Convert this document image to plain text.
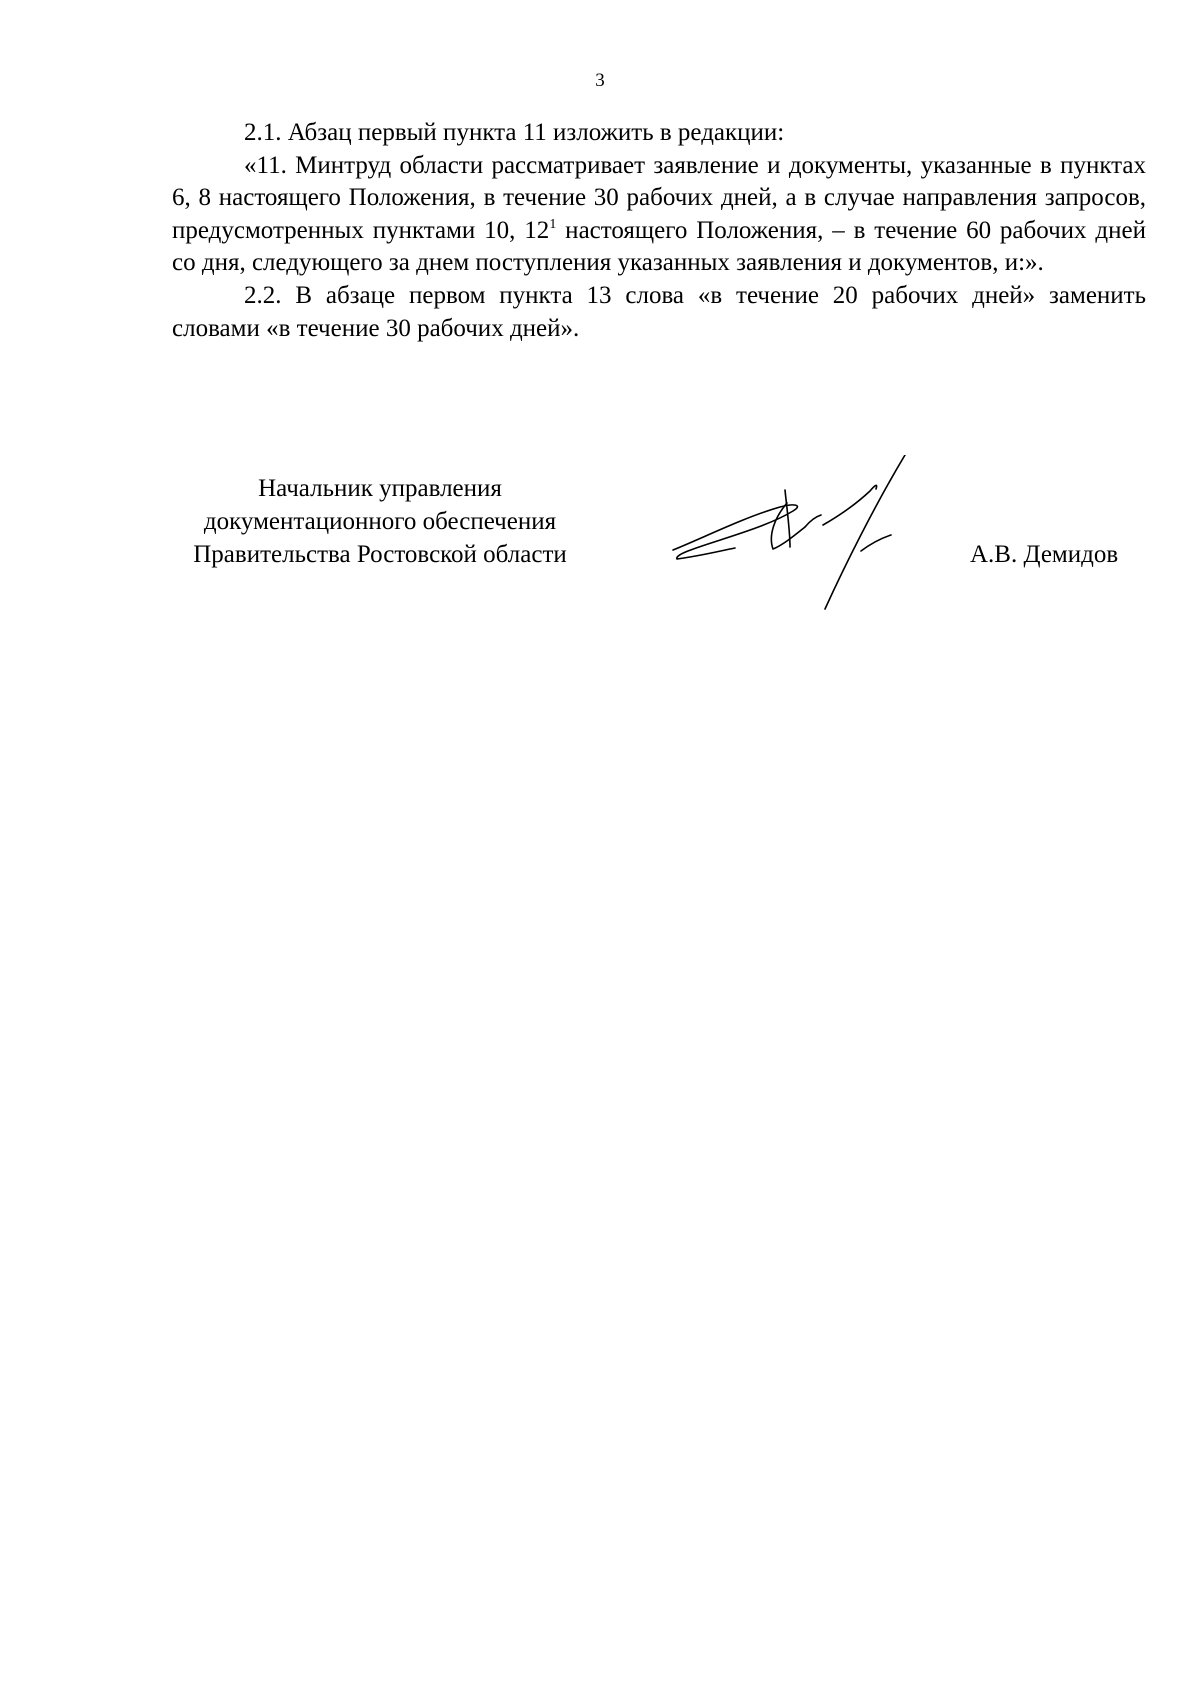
3

2.1. Абзац первый пункта 11 изложить в редакции:

«11. Минтруд области рассматривает заявление и документы, указанные в пунктах 6, 8 настоящего Положения, в течение 30 рабочих дней, а в случае направления запросов, предусмотренных пунктами 10, $12^1$ настоящего Положения, – в течение 60 рабочих дней со дня, следующего за днем поступления указанных заявления и документов, и:».

2.2. В абзаце первом пункта 13 слова «в течение 20 рабочих дней» заменить словами «в течение 30 рабочих дней».

Начальник управления
документационного обеспечения
Правительства Ростовской области	А.В. Демидов
